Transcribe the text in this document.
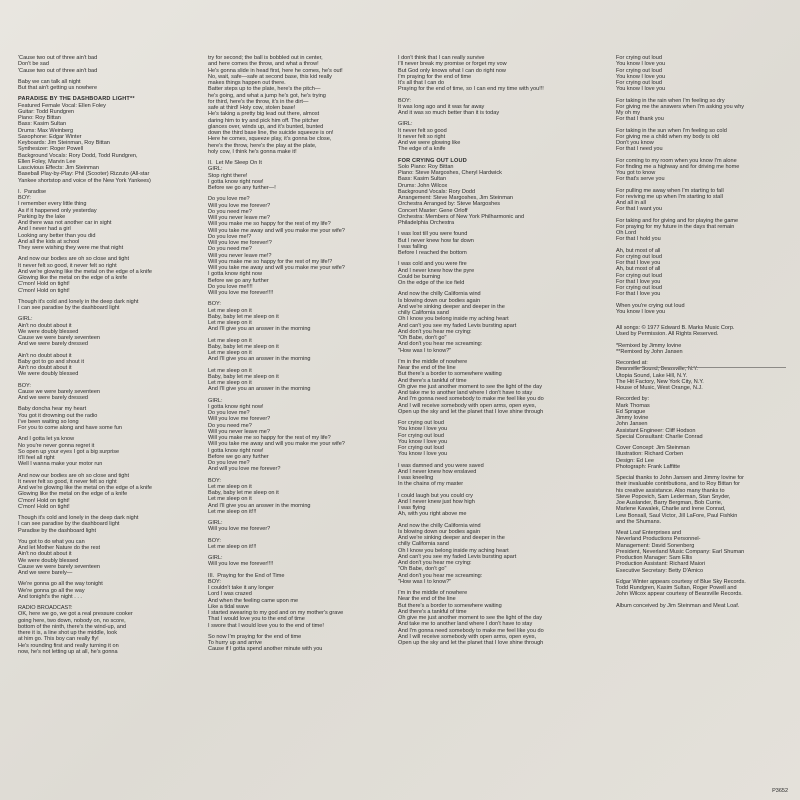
'Cause two out of three ain't bad
Don't be sad
'Cause two out of three ain't bad
Baby we can talk all night
But that ain't getting us nowhere
PARADISE BY THE DASHBOARD LIGHT**
Featured Female Vocal: Ellen Foley
Guitar: Todd Rundgren
Piano: Roy Bittan
Bass: Kasim Sultan
Drums: Max Weinberg
Saxophone: Edgar Winter
Keyboards: Jim Steinman, Roy Bittan
Synthesizer: Roger Powell
Background Vocals: Rory Dodd, Todd Rundgren,
Ellen Foley, Marvin Lee
Lascivious Effects: Jim Steinman
Baseball Play-by-Play: Phil (Scooter) Rizzuto (All-star
Yankee shortstop and voice of the New York Yankees)
I.  Paradise
BOY:
I remember every little thing
As if it happened only yesterday
Parking by the lake
And there was not another car in sight
And I never had a girl
Looking any better than you did
And all the kids at school
They were wishing they were me that night
And now our bodies are oh so close and tight
It never felt so good, it never felt so right
And we're glowing like the metal on the edge of a knife
Glowing like the metal on the edge of a knife
C'mon! Hold on tight!
C'mon! Hold on tight!
Though it's cold and lonely in the deep dark night
I can see paradise by the dashboard light
GIRL:
Ain't no doubt about it
We were doubly blessed
Cause we were barely seventeen
And we were barely dressed
Ain't no doubt about it
Baby got to go and shout it
Ain't no doubt about it
We were doubly blessed
BOY:
Cause we were barely seventeen
And we were barely dressed
Baby doncha hear my heart
You got it drowning out the radio
I've been waiting so long
For you to come along and have some fun
And I gotta let ya know
No you're never gonna regret it
So open up your eyes I got a big surprise
It'll feel all right
Well I wanna make your motor run
And now our bodies are oh so close and tight
It never felt so good, it never felt so right
And we're glowing like the metal on the edge of a knife
Glowing like the metal on the edge of a knife
C'mon! Hold on tight!
C'mon! Hold on tight!
Though it's cold and lonely in the deep dark night
I can see paradise by the dashboard light
Paradise by the dashboard light
You got to do what you can
And let Mother Nature do the rest
Ain't no doubt about it
We were doubly blessed
Cause we were barely seventeen
And we were barely—
We're gonna go all the way tonight
We're gonna go all the way
And tonight's the night . . .
RADIO BROADCAST:
OK, here we go, we got a real pressure cooker
going here, two down, nobody on, no score,
bottom of the ninth, there's the wind-up, and
there it is, a line shot up the middle, look
at him go. This boy can really fly!
He's rounding first and really turning it on
now, he's not letting up at all, he's gonna
try for second; the ball is bobbled out in center,
and here comes the throw, and what a throw!
He's gonna slide in head first, here he comes, he's out!
No, wait, safe—safe at second base, this kid really
makes things happen out there.
Batter steps up to the plate, here's the pitch—
he's going, and what a jump he's got, he's trying
for third, here's the throw, it's in the dirt—
safe at third! Holy cow, stolen base!
He's taking a pretty big lead out there, almost
daring him to try and pick him off. The pitcher
glances over, winds up, and it's bunted, bunted
down the third base line, the suicide squeeze is on!
Here he comes, squeeze play, it's gonna be close,
here's the throw, here's the play at the plate,
holy cow, I think he's gonna make it!
II.  Let Me Sleep On It
GIRL:
Stop right there!
I gotta know right now!
Before we go any further—!
Do you love me?
Will you love me forever?
Do you need me?
Will you never leave me?
Will you make me so happy for the rest of my life?
Will you take me away and will you make me your wife?
Do you love me!?
Will you love me forever!?
Do you need me?
Will you never leave me!?
Will you make me so happy for the rest of my life!?
Will you take me away and will you make me your wife?
I gotta know right now
Before we go any further
Do you love me!!!!
Will you love me forever!!!!
BOY:
Let me sleep on it
Baby, baby let me sleep on it
Let me sleep on it
And I'll give you an answer in the morning
Let me sleep on it
Baby, baby let me sleep on it
Let me sleep on it
And I'll give you an answer in the morning
Let me sleep on it
Baby, baby let me sleep on it
Let me sleep on it
And I'll give you an answer in the morning
GIRL:
I gotta know right now!
Do you love me?
Will you love me forever?
Do you need me?
Will you never leave me?
Will you make me so happy for the rest of my life?
Will you take me away and will you make me your wife?
I gotta know right now!
Before we go any further
Do you love me?
And will you love me forever?
BOY:
Let me sleep on it
Baby, baby let me sleep on it
Let me sleep on it
And I'll give you an answer in the morning
Let me sleep on it!!!
GIRL:
Will you love me forever?
BOY:
Let me sleep on it!!!
GIRL:
Will you love me forever!!!!
III.  Praying for the End of Time
BOY:
I couldn't take it any longer
Lord I was crazed
And when the feeling came upon me
Like a tidal wave
I started swearing to my god and on my mother's grave
That I would love you to the end of time
I swore that I would love you to the end of time!
So now I'm praying for the end of time
To hurry up and arrive
Cause if I gotta spend another minute with you
I don't think that I can really survive
I'll never break my promise or forget my vow
But God only knows what I can do right now
I'm praying for the end of time
It's all that I can do
Praying for the end of time, so I can end my time with you!!!
BOY:
It was long ago and it was far away
And it was so much better than it is today
GIRL:
It never felt so good
It never felt so right
And we were glowing like
The edge of a knife
FOR CRYING OUT LOUD
Solo Piano: Roy Bittan
Piano: Steve Margoshes, Cheryl Hardwick
Bass: Kasim Sultan
Drums: John Wilcox
Background Vocals: Rory Dodd
Arrangement: Steve Margoshes, Jim Steinman
Orchestra Arranged by: Steve Margoshes
Concert Master: Gene Orloff
Orchestra: Members of New York Philharmonic and
Philadelphia Orchestra
I was lost till you were found
But I never knew how far down
I was falling
Before I reached the bottom
I was cold and you were fire
And I never knew how the pyre
Could be burning
On the edge of the ice field
And now the chilly California wind
Is blowing down our bodies again
And we're sinking deeper and deeper in the
chilly California sand
Oh I know you belong inside my aching heart
And can't you see my faded Levis bursting apart
And don't you hear me crying:
"Oh Babe, don't go"
And don't you hear me screaming:
"How was I to know?"
I'm in the middle of nowhere
Near the end of the line
But there's a border to somewhere waiting
And there's a tankful of time
Oh give me just another moment to see the light of the day
And take me to another land where I don't have to stay
And I'm gonna need somebody to make me feel like you do
And I will receive somebody with open arms, open eyes,
Open up the sky and let the planet that I love shine through
For crying out loud
You know I love you
For crying out loud
You know I love you
For crying out loud
You know I love you
I was damned and you were saved
And I never knew how enslaved
I was kneeling
In the chains of my master
I could laugh but you could cry
And I never knew just how high
I was flying
Ah, with you right above me
And now the chilly California wind
Is blowing down our bodies again
And we're sinking deeper and deeper in the
chilly California sand
Oh I know you belong inside my aching heart
And can't you see my faded Levis bursting apart
And don't you hear me crying:
"Oh Babe, don't go"
And don't you hear me screaming:
"How was I to know?"
I'm in the middle of nowhere
Near the end of the line
But there's a border to somewhere waiting
And there's a tankful of time
Oh give me just another moment to see the light of the day
And take me to another land where I don't have to stay
And I'm gonna need somebody to make me feel like you do
And I will receive somebody with open arms, open eyes,
Open up the sky and let the planet that I love shine through
For crying out loud
You know I love you
For crying out loud
You know I love you
For crying out loud
You know I love you
For taking in the rain when I'm feeling so dry
For giving me the answers when I'm asking you why
My oh my
For that I thank you
For taking in the sun when I'm feeling so cold
For giving me a child when my body is old
Don't you know
For that I need you
For coming to my room when you know I'm alone
For finding me a highway and for driving me home
You got to know
For that's serve you
For pulling me away when I'm starting to fall
For reviving me up when I'm starting to stall
And all in all
For that I want you
For taking and for giving and for playing the game
For praying for my future in the days that remain
Oh Lord
For that I hold you
Ah, but most of all
For crying out loud
For that I love you
Ah, but most of all
For crying out loud
For that I love you
For crying out loud
For that I love you
When you're crying out loud
You know I love you
All songs: © 1977 Edward B. Marks Music Corp.
Used by Permission. All Rights Reserved.
*Remixed by Jimmy Iovine
**Remixed by John Jansen
Recorded at:
Bearsville Sound, Bearsville, N.Y.
Utopia Sound, Lake Hill, N.Y.
The Hit Factory, New York City, N.Y.
House of Music, West Orange, N.J.
Recorded by:
Mark Thomas
Ed Sprague
Jimmy Iovine
John Jansen
Assistant Engineer: Cliff Hodson
Special Consultant: Charlie Conrad
Cover Concept: Jim Steinman
Illustration: Richard Corben
Design: Ed Lee
Photograph: Frank Laffitte
Special thanks to John Jansen and Jimmy Iovine for
their invaluable contributions, and to Roy Bittan for
his creative assistance. Also many thanks to
Steve Popovich, Sam Lederman, Stan Snyder,
Joe Auslander, Barry Bergman, Bob Currie,
Marlene Kawalek, Charlie and Irene Conrad,
Lew Bonsall, Saul Victor, Jill LaFore, Paul Fishkin
and the Shumans.
Meat Loaf Enterprises and
Neverland Productions Personnel-
Management: David Sonenberg
President, Neverland Music Company: Earl Shuman
Production Manager: Sam Ellis
Production Assistant: Richard Maiori
Executive Secretary: Betty D'Amico
Edgar Winter appears courtesy of Blue Sky Records.
Todd Rundgren, Kasim Sultan, Roger Powell and
John Wilcox appear courtesy of Bearsville Records.
Album conceived by Jim Steinman and Meat Loaf.
P3652
